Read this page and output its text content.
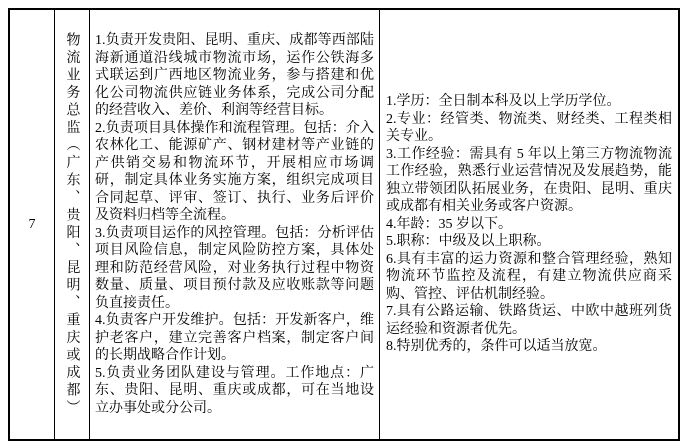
7	物流业务总监（广东、贵阳、昆明、重庆或成都）	1.负责开发贵阳、昆明、重庆、成都等西部陆海新通道沿线城市物流市场，运作公铁海多式联运到广西地区物流业务，参与搭建和优化公司物流供应链业务体系，完成公司分配的经营收入、差价、利润等经营目标。

2.负责项目具体操作和流程管理。包括：介入农林化工、能源矿产、钢材建材等产业链的产供销交易和物流环节，开展相应市场调研，制定具体业务实施方案，组织完成项目合同起草、评审、签订、执行、业务后评价及资料归档等全流程。

3.负责项目运作的风控管理。包括：分析评估项目风险信息，制定风险防控方案，具体处理和防范经营风险，对业务执行过程中物资数量、质量、项目预付款及应收账款等问题负直接责任。

4.负责客户开发维护。包括：开发新客户，维护老客户，建立完善客户档案，制定客户间的长期战略合作计划。

5.负责业务团队建设与管理。工作地点：广东、贵阳、昆明、重庆或成都，可在当地设立办事处或分公司。

1.学历：全日制本科及以上学历学位。

2.专业：经管类、物流类、财经类、工程类相关专业。

3.工作经验：需具有 5 年以上第三方物流物流工作经验，熟悉行业运营情况及发展趋势，能独立带领团队拓展业务，在贵阳、昆明、重庆或成都有相关业务或客户资源。

4.年龄：35 岁以下。

5.职称：中级及以上职称。

6.具有丰富的运力资源和整合管理经验，熟知物流环节监控及流程，有建立物流供应商采购、管控、评估机制经验。

7.具有公路运输、铁路货运、中欧中越班列货运经验和资源者优先。

8.特别优秀的，条件可以适当放宽。
